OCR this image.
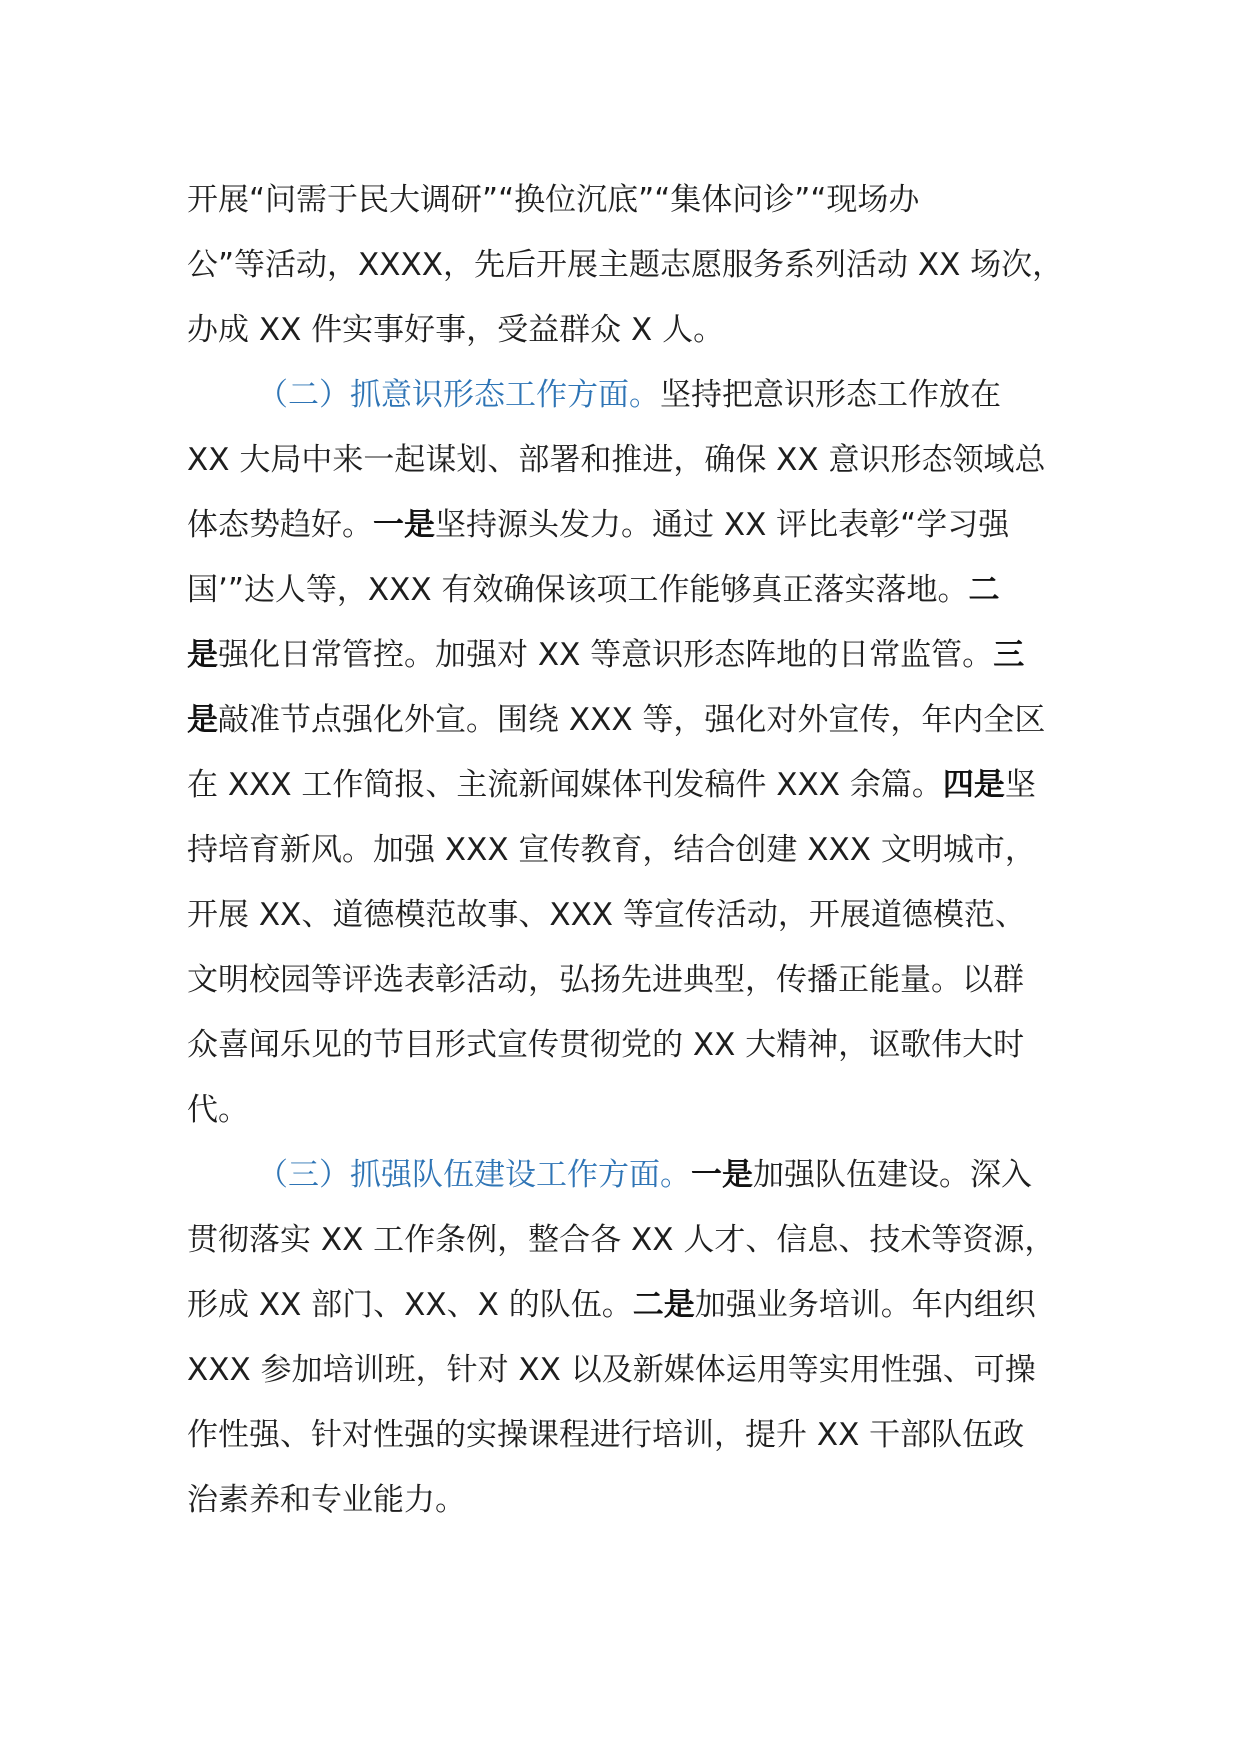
开展“问需于民大调研”“换位沉底”“集体问诊”“现场办
公”等活动，XXXX，先后开展主题志愿服务系列活动 XX 场次，
办成 XX 件实事好事，受益群众 X 人。
（二）抓意识形态工作方面。坚持把意识形态工作放在
XX 大局中来一起谋划、部署和推进，确保 XX 意识形态领域总
体态势趋好。一是坚持源头发力。通过 XX 评比表彰“学习强
国’”达人等，XXX 有效确保该项工作能够真正落实落地。二
是强化日常管控。加强对 XX 等意识形态阵地的日常监管。三
是敲准节点强化外宣。围绕 XXX 等，强化对外宣传，年内全区
在 XXX 工作简报、主流新闻媒体刊发稿件 XXX 余篇。四是坚
持培育新风。加强 XXX 宣传教育，结合创建 XXX 文明城市，
开展 XX、道德模范故事、XXX 等宣传活动，开展道德模范、
文明校园等评选表彰活动，弘扬先进典型，传播正能量。以群
众喜闻乐见的节目形式宣传贯彻党的 XX 大精神，讴歌伟大时
代。
（三）抓强队伍建设工作方面。一是加强队伍建设。深入
贯彻落实 XX 工作条例，整合各 XX 人才、信息、技术等资源，
形成 XX 部门、XX、X 的队伍。二是加强业务培训。年内组织
XXX 参加培训班，针对 XX 以及新媒体运用等实用性强、可操
作性强、针对性强的实操课程进行培训，提升 XX 干部队伍政
治素养和专业能力。
